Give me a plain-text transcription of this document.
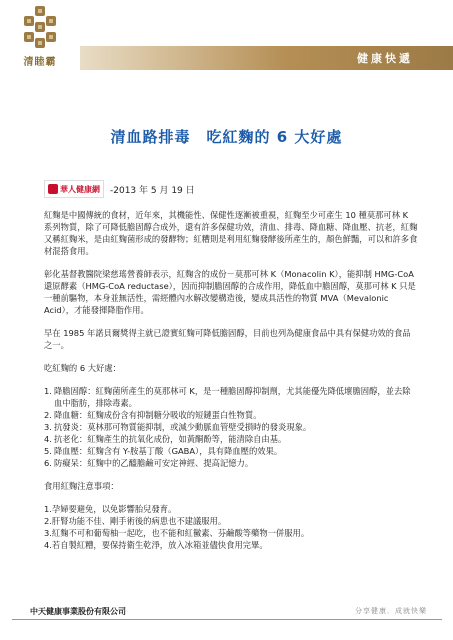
清睦霸	健康快遞
清血路排毒　吃紅麴的 6 大好處
華人健康網 -2013 年 5 月 19 日

紅麴是中國傳統的食材，近年來，其機能性、保健性逐漸被重視，紅麴至少可產生 10 種莫那可林 K 系列物質，除了可降低膽固醇合成外，還有許多保健功效，清血、排毒、降血糖、降血壓、抗老，紅麴又稱紅麴米，是由紅麴菌形成的發酵物；紅糟則是利用紅麴發酵後所產生的，顏色鮮豔，可以和許多食材混搭食用。

彰化基督教醫院梁慈瑤營養師表示，紅麴含的成份－莫那可林 K（Monacolin K），能抑制 HMG-CoA 還原酵素（HMG-CoA reductase），因而抑制膽固醇的合成作用，降低血中膽固醇，莫那可林 K 只是一種前驅物，本身並無活性，需經體內水解改變構造後，變成具活性的物質 MVA（Mevalonic Acid），才能發揮降脂作用。

早在 1985 年諾貝爾獎得主就已證實紅麴可降低膽固醇，目前也列為健康食品中具有保健功效的食品之一。

吃紅麴的 6 大好處：

1. 降膽固醇：紅麴菌所產生的莫那林可 K，是一種膽固醇抑制劑，尤其能優先降低壞膽固醇，並去除血中脂肪，排除毒素。
2. 降血糖：紅麴成份含有抑制糖分吸收的短鏈蛋白性物質。
3. 抗發炎：莫林那可物質能抑制，或減少動脈血管壁受損時的發炎現象。
4. 抗老化：紅麴產生的抗氧化成份，如黃酮酚等，能清除自由基。
5. 降血壓：紅麴含有 Y-胺基丁酸（GABA），具有降血壓的效果。
6. 防癡呆：紅麴中的乙醯膽鹼可安定神經、提高記憶力。

食用紅麴注意事項：

1.孕婦要避免，以免影響胎兒發育。
2.肝腎功能不佳、剛手術後的病患也不建議服用。
3.紅麴不可和葡萄柚一起吃，也不能和紅黴素、芬鹼酸等藥物一併服用。
4.若自製紅糟，要保持衛生乾淨，放入冰箱並儘快食用完畢。
中天健康事業股份有限公司	分享健康．成就快樂
